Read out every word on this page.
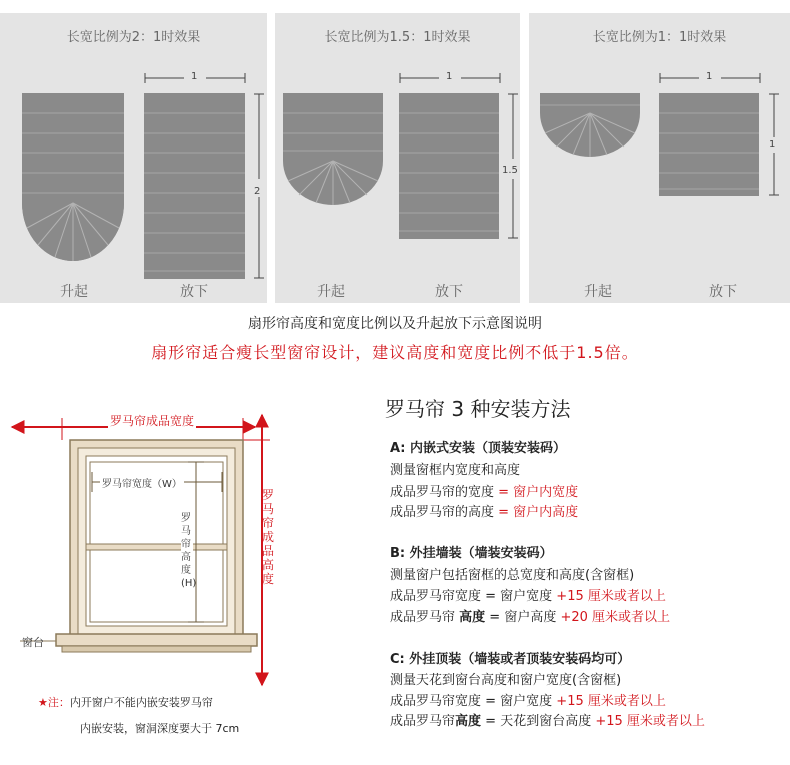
长宽比例为2：1时效果
升起
1
2
放下
长宽比例为1.5：1时效果
升起
1
1.5
放下
长宽比例为1：1时效果
升起
1
1
放下
扇形帘高度和宽度比例以及升起放下示意图说明
扇形帘适合瘦长型窗帘设计，建议高度和宽度比例不低于1.5倍。
罗马帘成品宽度
罗马帘成品高度
罗马帘宽度（W）
罗马帘高度(H)
窗台
★注：内开窗户不能内嵌安装罗马帘
内嵌安装，窗洞深度要大于 7cm
罗马帘 3 种安装方法
A: 内嵌式安装（顶装安装码）
测量窗框内宽度和高度
成品罗马帘的宽度 = 窗户内宽度
成品罗马帘的高度 = 窗户内高度
B: 外挂墙装（墙装安装码）
测量窗户包括窗框的总宽度和高度(含窗框)
成品罗马帘宽度 = 窗户宽度 +15 厘米或者以上
成品罗马帘 高度 = 窗户高度 +20 厘米或者以上
C: 外挂顶装（墙装或者顶装安装码均可）
测量天花到窗台高度和窗户宽度(含窗框)
成品罗马帘宽度 = 窗户宽度 +15 厘米或者以上
成品罗马帘高度 = 天花到窗台高度 +15 厘米或者以上
